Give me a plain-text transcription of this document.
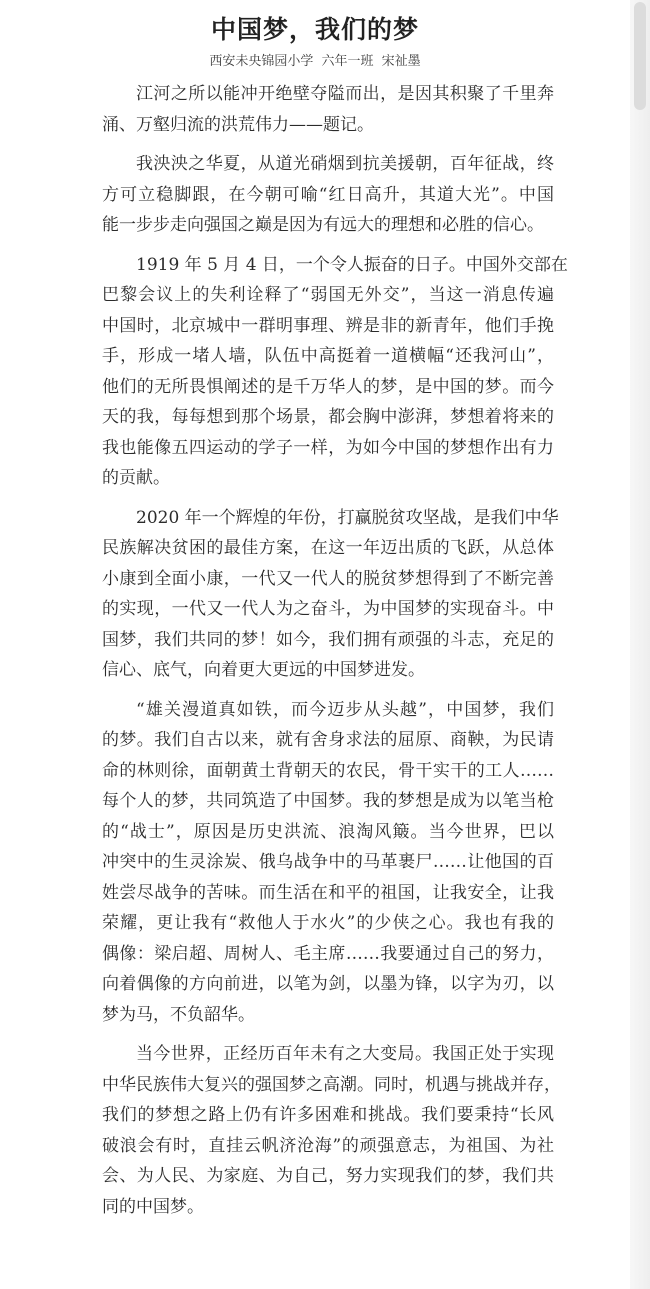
中国梦，我们的梦
西安未央锦园小学 六年一班 宋祉墨
江河之所以能冲开绝壁夺隘而出，是因其积聚了千里奔
涌、万壑归流的洪荒伟力——题记。
我泱泱之华夏，从道光硝烟到抗美援朝，百年征战，终
方可立稳脚跟，在今朝可喻“红日高升，其道大光”。中国
能一步步走向强国之巅是因为有远大的理想和必胜的信心。
1919 年 5 月 4 日，一个令人振奋的日子。中国外交部在
巴黎会议上的失利诠释了“弱国无外交”，当这一消息传遍
中国时，北京城中一群明事理、辨是非的新青年，他们手挽
手，形成一堵人墙，队伍中高挺着一道横幅“还我河山”，
他们的无所畏惧阐述的是千万华人的梦，是中国的梦。而今
天的我，每每想到那个场景，都会胸中澎湃，梦想着将来的
我也能像五四运动的学子一样，为如今中国的梦想作出有力
的贡献。
2020 年一个辉煌的年份，打赢脱贫攻坚战，是我们中华
民族解决贫困的最佳方案，在这一年迈出质的飞跃，从总体
小康到全面小康，一代又一代人的脱贫梦想得到了不断完善
的实现，一代又一代人为之奋斗，为中国梦的实现奋斗。中
国梦，我们共同的梦！如今，我们拥有顽强的斗志，充足的
信心、底气，向着更大更远的中国梦进发。
“雄关漫道真如铁，而今迈步从头越”，中国梦，我们
的梦。我们自古以来，就有舍身求法的屈原、商鞅，为民请
命的林则徐，面朝黄土背朝天的农民，骨干实干的工人……
每个人的梦，共同筑造了中国梦。我的梦想是成为以笔当枪
的“战士”，原因是历史洪流、浪淘风簸。当今世界，巴以
冲突中的生灵涂炭、俄乌战争中的马革裹尸……让他国的百
姓尝尽战争的苦味。而生活在和平的祖国，让我安全，让我
荣耀，更让我有“救他人于水火”的少侠之心。我也有我的
偶像：梁启超、周树人、毛主席……我要通过自己的努力，
向着偶像的方向前进，以笔为剑，以墨为锋，以字为刃，以
梦为马，不负韶华。
当今世界，正经历百年未有之大变局。我国正处于实现
中华民族伟大复兴的强国梦之高潮。同时，机遇与挑战并存，
我们的梦想之路上仍有许多困难和挑战。我们要秉持“长风
破浪会有时，直挂云帆济沧海”的顽强意志，为祖国、为社
会、为人民、为家庭、为自己，努力实现我们的梦，我们共
同的中国梦。
